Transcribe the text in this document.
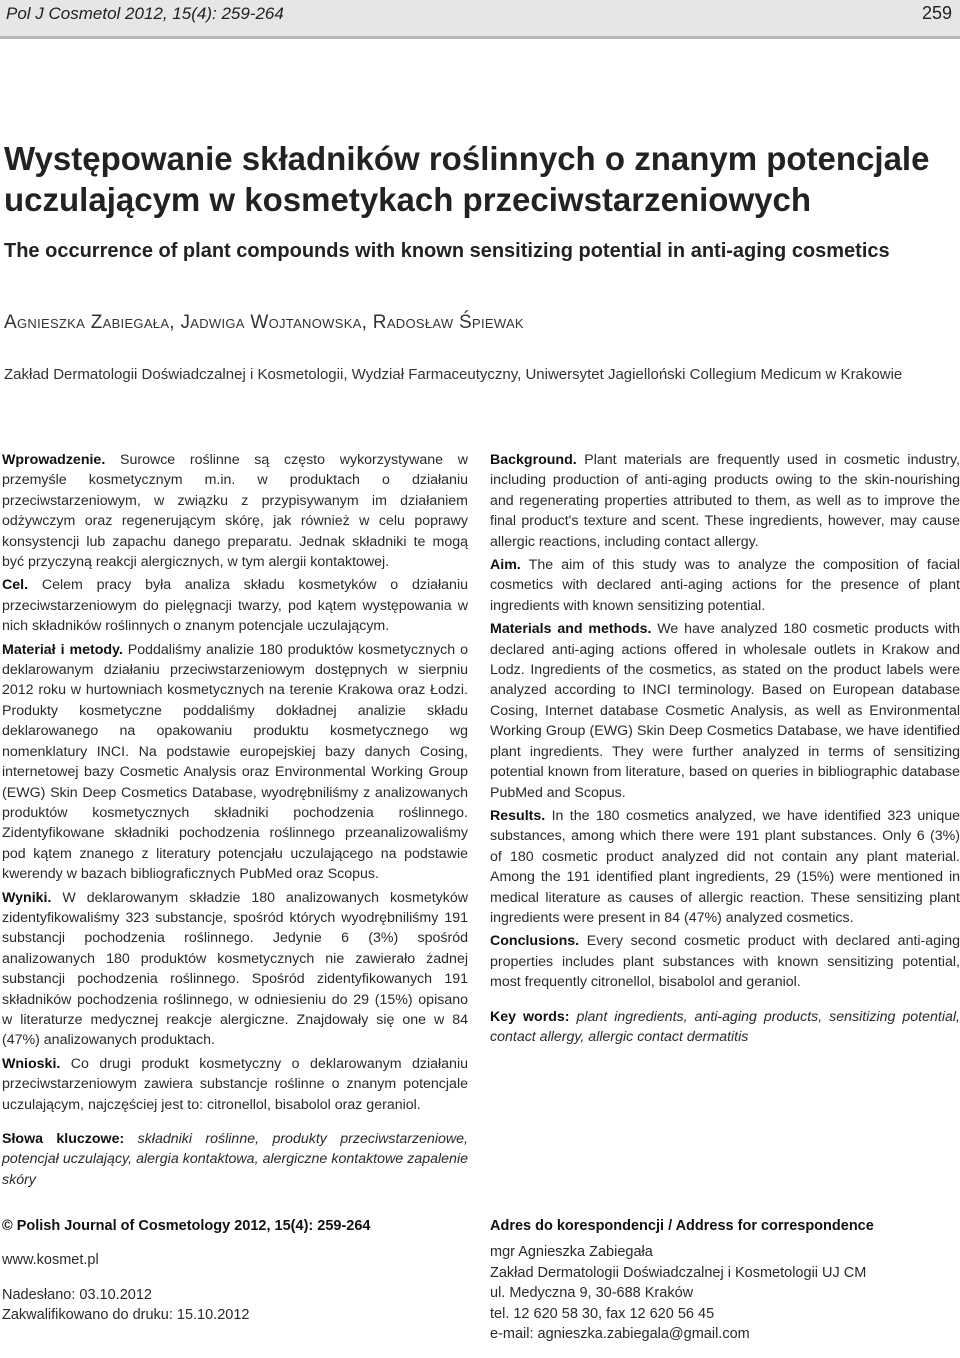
Pol J Cosmetol 2012, 15(4): 259-264	259
Występowanie składników roślinnych o znanym potencjale uczulającym w kosmetykach przeciwstarzeniowych
The occurrence of plant compounds with known sensitizing potential in anti-aging cosmetics
Agnieszka Zabiegała, Jadwiga Wojtanowska, Radosław Śpiewak
Zakład Dermatologii Doświadczalnej i Kosmetologii, Wydział Farmaceutyczny, Uniwersytet Jagielloński Collegium Medicum w Krakowie

Wprowadzenie. Surowce roślinne są często wykorzystywane w przemyśle kosmetycznym m.in. w produktach o działaniu przeciwstarzeniowym, w związku z przypisywanym im działaniem odżywczym oraz regenerującym skórę, jak również w celu poprawy konsystencji lub zapachu danego preparatu. Jednak składniki te mogą być przyczyną reakcji alergicznych, w tym alergii kontaktowej.

Cel. Celem pracy była analiza składu kosmetyków o działaniu przeciwstarzeniowym do pielęgnacji twarzy, pod kątem występowania w nich składników roślinnych o znanym potencjale uczulającym.

Materiał i metody. Poddaliśmy analizie 180 produktów kosmetycznych o deklarowanym działaniu przeciwstarzeniowym dostępnych w sierpniu 2012 roku w hurtowniach kosmetycznych na terenie Krakowa oraz Łodzi. Produkty kosmetyczne poddaliśmy dokładnej analizie składu deklarowanego na opakowaniu produktu kosmetycznego wg nomenklatury INCI. Na podstawie europejskiej bazy danych Cosing, internetowej bazy Cosmetic Analysis oraz Environmental Working Group (EWG) Skin Deep Cosmetics Database, wyodrębniliśmy z analizowanych produktów kosmetycznych składniki pochodzenia roślinnego. Zidentyfikowane składniki pochodzenia roślinnego przeanalizowaliśmy pod kątem znanego z literatury potencjału uczulającego na podstawie kwerendy w bazach bibliograficznych PubMed oraz Scopus.

Wyniki. W deklarowanym składzie 180 analizowanych kosmetyków zidentyfikowaliśmy 323 substancje, spośród których wyodrębniliśmy 191 substancji pochodzenia roślinnego. Jedynie 6 (3%) spośród analizowanych 180 produktów kosmetycznych nie zawierało żadnej substancji pochodzenia roślinnego. Spośród zidentyfikowanych 191 składników pochodzenia roślinnego, w odniesieniu do 29 (15%) opisano w literaturze medycznej reakcje alergiczne. Znajdowały się one w 84 (47%) analizowanych produktach.

Wnioski. Co drugi produkt kosmetyczny o deklarowanym działaniu przeciwstarzeniowym zawiera substancje roślinne o znanym potencjale uczulającym, najczęściej jest to: citronellol, bisabolol oraz geraniol.

Słowa kluczowe: składniki roślinne, produkty przeciwstarzeniowe, potencjał uczulający, alergia kontaktowa, alergiczne kontaktowe zapalenie skóry

Background. Plant materials are frequently used in cosmetic industry, including production of anti-aging products owing to the skin-nourishing and regenerating properties attributed to them, as well as to improve the final product's texture and scent. These ingredients, however, may cause allergic reactions, including contact allergy.

Aim. The aim of this study was to analyze the composition of facial cosmetics with declared anti-aging actions for the presence of plant ingredients with known sensitizing potential.

Materials and methods. We have analyzed 180 cosmetic products with declared anti-aging actions offered in wholesale outlets in Krakow and Lodz. Ingredients of the cosmetics, as stated on the product labels were analyzed according to INCI terminology. Based on European database Cosing, Internet database Cosmetic Analysis, as well as Environmental Working Group (EWG) Skin Deep Cosmetics Database, we have identified plant ingredients. They were further analyzed in terms of sensitizing potential known from literature, based on queries in bibliographic database PubMed and Scopus.

Results. In the 180 cosmetics analyzed, we have identified 323 unique substances, among which there were 191 plant substances. Only 6 (3%) of 180 cosmetic product analyzed did not contain any plant material. Among the 191 identified plant ingredients, 29 (15%) were mentioned in medical literature as causes of allergic reaction. These sensitizing plant ingredients were present in 84 (47%) analyzed cosmetics.

Conclusions. Every second cosmetic product with declared anti-aging properties includes plant substances with known sensitizing potential, most frequently citronellol, bisabolol and geraniol.

Key words: plant ingredients, anti-aging products, sensitizing potential, contact allergy, allergic contact dermatitis

© Polish Journal of Cosmetology 2012, 15(4): 259-264
www.kosmet.pl
Nadesłano: 03.10.2012
Zakwalifikowano do druku: 15.10.2012
Adres do korespondencji / Address for correspondence
mgr Agnieszka Zabiegała
Zakład Dermatologii Doświadczalnej i Kosmetologii UJ CM
ul. Medyczna 9, 30-688 Kraków
tel. 12 620 58 30, fax 12 620 56 45
e-mail: agnieszka.zabiegala@gmail.com
